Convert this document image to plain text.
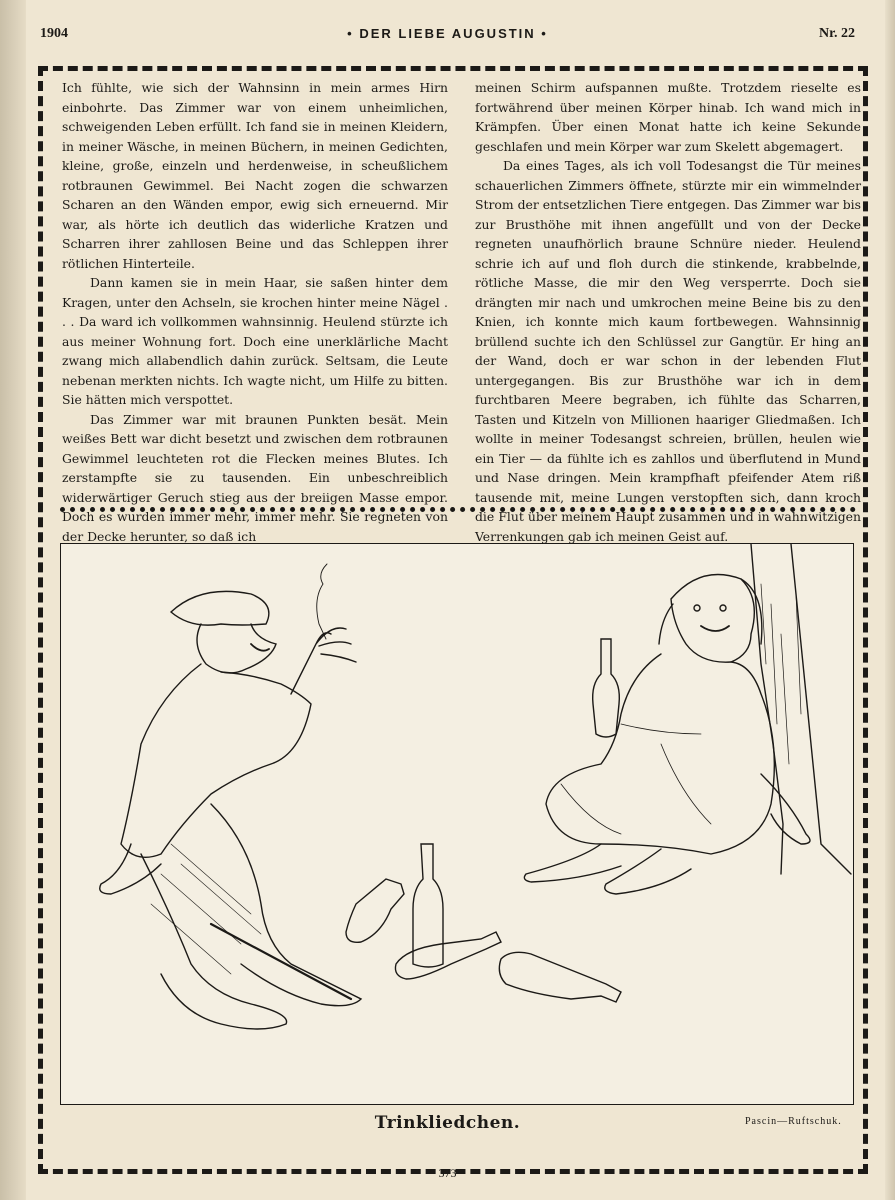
1904	• DER LIEBE AUGUSTIN •	Nr. 22

Ich fühlte, wie sich der Wahnsinn in mein armes Hirn einbohrte. Das Zimmer war von einem unheimlichen, schweigenden Leben erfüllt. Ich fand sie in meinen Kleidern, in meiner Wäsche, in meinen Büchern, in meinen Gedichten, kleine, große, einzeln und herdenweise, in scheußlichem rotbraunen Gewimmel. Bei Nacht zogen die schwarzen Scharen an den Wänden empor, ewig sich erneuernd. Mir war, als hörte ich deutlich das widerliche Kratzen und Scharren ihrer zahllosen Beine und das Schleppen ihrer rötlichen Hinterteile.

Dann kamen sie in mein Haar, sie saßen hinter dem Kragen, unter den Achseln, sie krochen hinter meine Nägel . . . Da ward ich vollkommen wahnsinnig. Heulend stürzte ich aus meiner Wohnung fort. Doch eine unerklärliche Macht zwang mich allabendlich dahin zurück. Seltsam, die Leute nebenan merkten nichts. Ich wagte nicht, um Hilfe zu bitten. Sie hätten mich verspottet.

Das Zimmer war mit braunen Punkten besät. Mein weißes Bett war dicht besetzt und zwischen dem rotbraunen Gewimmel leuchteten rot die Flecken meines Blutes. Ich zerstampfte sie zu tausenden. Ein unbeschreiblich widerwärtiger Geruch stieg aus der breiigen Masse empor. Doch es wurden immer mehr, immer mehr. Sie regneten von der Decke herunter, so daß ich

meinen Schirm aufspannen mußte. Trotzdem rieselte es fortwährend über meinen Körper hinab. Ich wand mich in Krämpfen. Über einen Monat hatte ich keine Sekunde geschlafen und mein Körper war zum Skelett abgemagert.

Da eines Tages, als ich voll Todesangst die Tür meines schauerlichen Zimmers öffnete, stürzte mir ein wimmelnder Strom der entsetzlichen Tiere entgegen. Das Zimmer war bis zur Brusthöhe mit ihnen angefüllt und von der Decke regneten unaufhörlich braune Schnüre nieder. Heulend schrie ich auf und floh durch die stinkende, krabbelnde, rötliche Masse, die mir den Weg versperrte. Doch sie drängten mir nach und umkrochen meine Beine bis zu den Knien, ich konnte mich kaum fortbewegen. Wahnsinnig brüllend suchte ich den Schlüssel zur Gangtür. Er hing an der Wand, doch er war schon in der lebenden Flut untergegangen. Bis zur Brusthöhe war ich in dem furchtbaren Meere begraben, ich fühlte das Scharren, Tasten und Kitzeln von Millionen haariger Gliedmaßen. Ich wollte in meiner Todesangst schreien, brüllen, heulen wie ein Tier — da fühlte ich es zahllos und überflutend in Mund und Nase dringen. Mein krampfhaft pfeifender Atem riß tausende mit, meine Lungen verstopften sich, dann kroch die Flut über meinem Haupt zusammen und in wahnwitzigen Verrenkungen gab ich meinen Geist auf.

Trinkliedchen.	Pascin—Ruftschuk.
373
